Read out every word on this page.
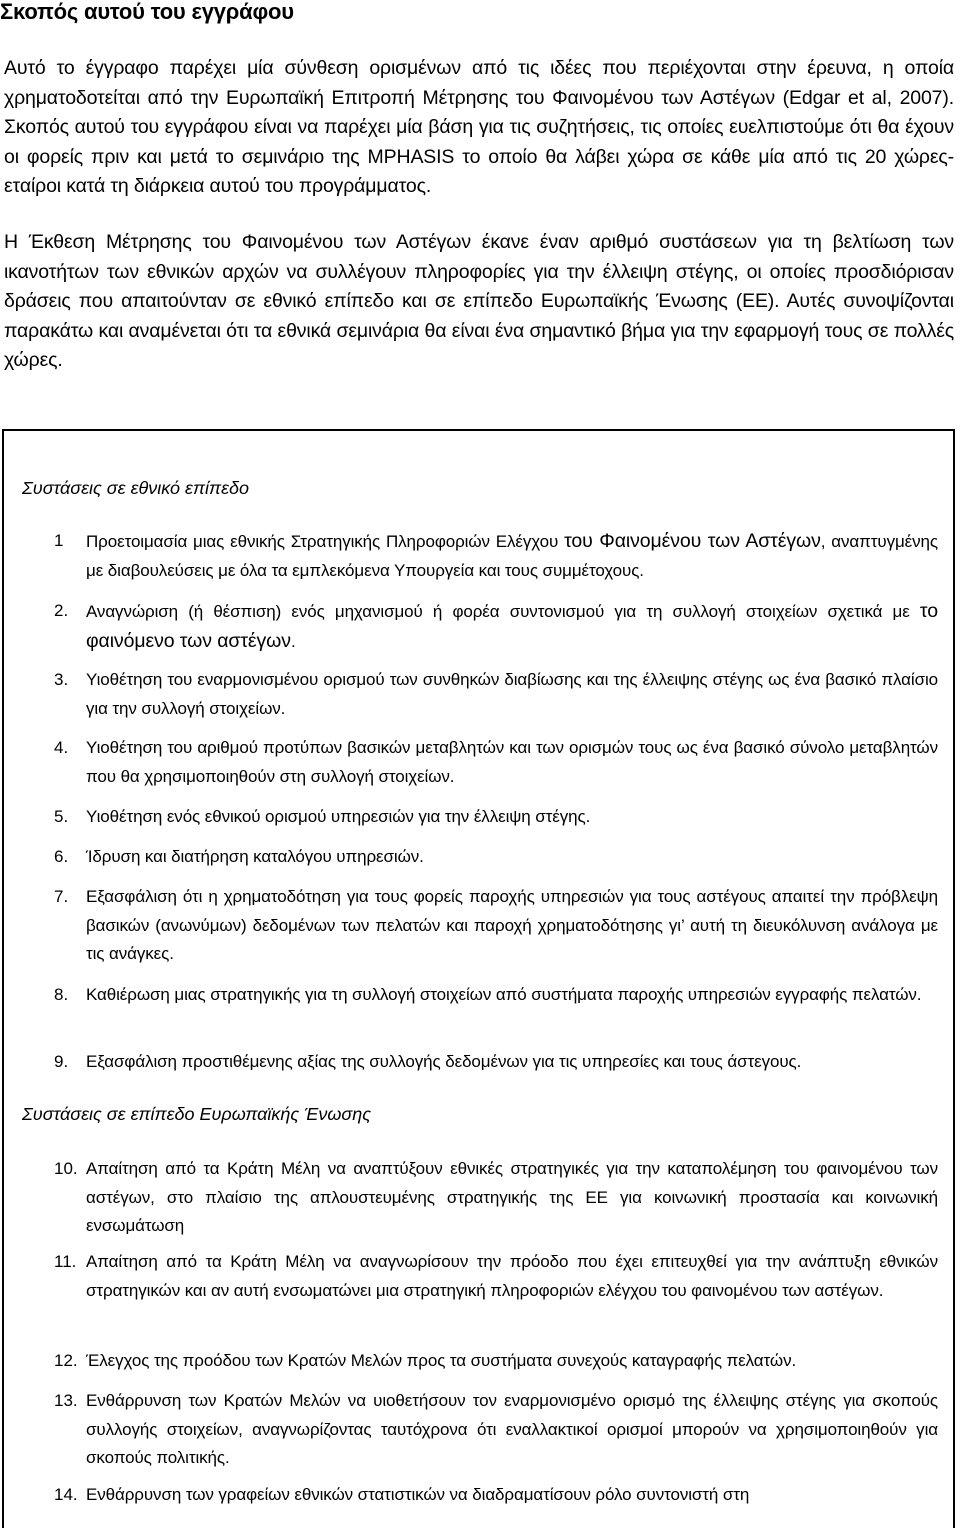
Σκοπός αυτού του εγγράφου

Αυτό το έγγραφο παρέχει μία σύνθεση ορισμένων από τις ιδέες που περιέχονται στην έρευνα, η οποία χρηματοδοτείται από την Ευρωπαϊκή Επιτροπή Μέτρησης του Φαινομένου των Αστέγων (Edgar et al, 2007). Σκοπός αυτού του εγγράφου είναι να παρέχει μία βάση για τις συζητήσεις, τις οποίες ευελπιστούμε ότι θα έχουν οι φορείς πριν και μετά το σεμινάριο της MPHASIS το οποίο θα λάβει χώρα σε κάθε μία από τις 20 χώρες-εταίροι κατά τη διάρκεια αυτού του προγράμματος.

Η Έκθεση Μέτρησης του Φαινομένου των Αστέγων έκανε έναν αριθμό συστάσεων για τη βελτίωση των ικανοτήτων των εθνικών αρχών να συλλέγουν πληροφορίες για την έλλειψη στέγης, οι οποίες προσδιόρισαν δράσεις που απαιτούνταν σε εθνικό επίπεδο και σε επίπεδο Ευρωπαϊκής Ένωσης (ΕΕ). Αυτές συνοψίζονται παρακάτω και αναμένεται ότι τα εθνικά σεμινάρια θα είναι ένα σημαντικό βήμα για την εφαρμογή τους σε πολλές χώρες.

Συστάσεις σε εθνικό επίπεδο
1 Προετοιμασία μιας εθνικής Στρατηγικής Πληροφοριών Ελέγχου του Φαινομένου των Αστέγων, αναπτυγμένης με διαβουλεύσεις με όλα τα εμπλεκόμενα Υπουργεία και τους συμμέτοχους.
2. Αναγνώριση (ή θέσπιση) ενός μηχανισμού ή φορέα συντονισμού για τη συλλογή στοιχείων σχετικά με το φαινόμενο των αστέγων.
3. Υιοθέτηση του εναρμονισμένου ορισμού των συνθηκών διαβίωσης και της έλλειψης στέγης ως ένα βασικό πλαίσιο για την συλλογή στοιχείων.
4. Υιοθέτηση του αριθμού προτύπων βασικών μεταβλητών και των ορισμών τους ως ένα βασικό σύνολο μεταβλητών που θα χρησιμοποιηθούν στη συλλογή στοιχείων.
5. Υιοθέτηση ενός εθνικού ορισμού υπηρεσιών για την έλλειψη στέγης.
6. Ίδρυση και διατήρηση καταλόγου υπηρεσιών.
7. Εξασφάλιση ότι η χρηματοδότηση για τους φορείς παροχής υπηρεσιών για τους αστέγους απαιτεί την πρόβλεψη βασικών (ανωνύμων) δεδομένων των πελατών και παροχή χρηματοδότησης γι’ αυτή τη διευκόλυνση ανάλογα με τις ανάγκες.
8. Καθιέρωση μιας στρατηγικής για τη συλλογή στοιχείων από συστήματα παροχής υπηρεσιών εγγραφής πελατών.
9. Εξασφάλιση προστιθέμενης αξίας της συλλογής δεδομένων για τις υπηρεσίες και τους άστεγους.
Συστάσεις σε επίπεδο Ευρωπαϊκής Ένωσης
10. Απαίτηση από τα Κράτη Μέλη να αναπτύξουν εθνικές στρατηγικές για την καταπολέμηση του φαινομένου των αστέγων, στο πλαίσιο της απλουστευμένης στρατηγικής της ΕΕ για κοινωνική προστασία και κοινωνική ενσωμάτωση
11. Απαίτηση από τα Κράτη Μέλη να αναγνωρίσουν την πρόοδο που έχει επιτευχθεί για την ανάπτυξη εθνικών στρατηγικών και αν αυτή ενσωματώνει μια στρατηγική πληροφοριών ελέγχου του φαινομένου των αστέγων.
12. Έλεγχος της προόδου των Κρατών Μελών προς τα συστήματα συνεχούς καταγραφής πελατών.
13. Ενθάρρυνση των Κρατών Μελών να υιοθετήσουν τον εναρμονισμένο ορισμό της έλλειψης στέγης για σκοπούς συλλογής στοιχείων, αναγνωρίζοντας ταυτόχρονα ότι εναλλακτικοί ορισμοί μπορούν να χρησιμοποιηθούν για σκοπούς πολιτικής.
14. Ενθάρρυνση των γραφείων εθνικών στατιστικών να διαδραματίσουν ρόλο συντονιστή στη
